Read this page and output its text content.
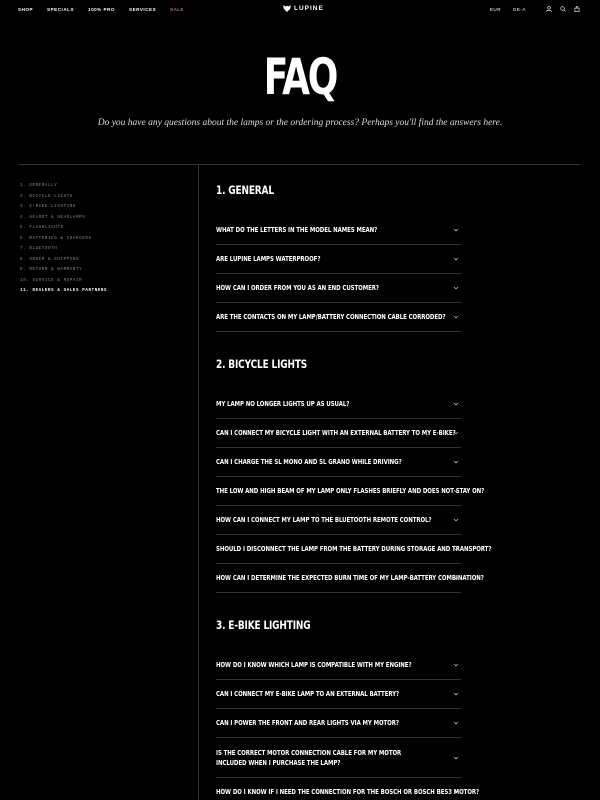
SHOP	SPECIALS	100% PRO	SERVICES	SALE	LUPINE	EUR	DE-A
FAQ
Do you have any questions about the lamps or the ordering process? Perhaps you'll find the answers here.
1. GENERALLY
2. BICYCLE LIGHTS
3. E-BIKE LIGHTING
4. HELMET & HEADLAMPS
5. FLASHLIGHTS
6. BATTERIES & CHARGERS
7. BLUETOOTH
8. ORDER & SHIPPING
9. RETURN & WARRANTY
10. SERVICE & REPAIR
11. DEALERS & SALES PARTNERS
1. GENERAL
WHAT DO THE LETTERS IN THE MODEL NAMES MEAN?
ARE LUPINE LAMPS WATERPROOF?
HOW CAN I ORDER FROM YOU AS AN END CUSTOMER?
ARE THE CONTACTS ON MY LAMP/BATTERY CONNECTION CABLE CORRODED?
2. BICYCLE LIGHTS
MY LAMP NO LONGER LIGHTS UP AS USUAL?
CAN I CONNECT MY BICYCLE LIGHT WITH AN EXTERNAL BATTERY TO MY E-BIKE?
CAN I CHARGE THE SL MONO AND SL GRANO WHILE DRIVING?
THE LOW AND HIGH BEAM OF MY LAMP ONLY FLASHES BRIEFLY AND DOES NOT STAY ON?
HOW CAN I CONNECT MY LAMP TO THE BLUETOOTH REMOTE CONTROL?
SHOULD I DISCONNECT THE LAMP FROM THE BATTERY DURING STORAGE AND TRANSPORT?
HOW CAN I DETERMINE THE EXPECTED BURN TIME OF MY LAMP-BATTERY COMBINATION?
3. E-BIKE LIGHTING
HOW DO I KNOW WHICH LAMP IS COMPATIBLE WITH MY ENGINE?
CAN I CONNECT MY E-BIKE LAMP TO AN EXTERNAL BATTERY?
CAN I POWER THE FRONT AND REAR LIGHTS VIA MY MOTOR?
IS THE CORRECT MOTOR CONNECTION CABLE FOR MY MOTOR INCLUDED WHEN I PURCHASE THE LAMP?
HOW DO I KNOW IF I NEED THE CONNECTION FOR THE BOSCH OR BOSCH BES3 MOTOR?
